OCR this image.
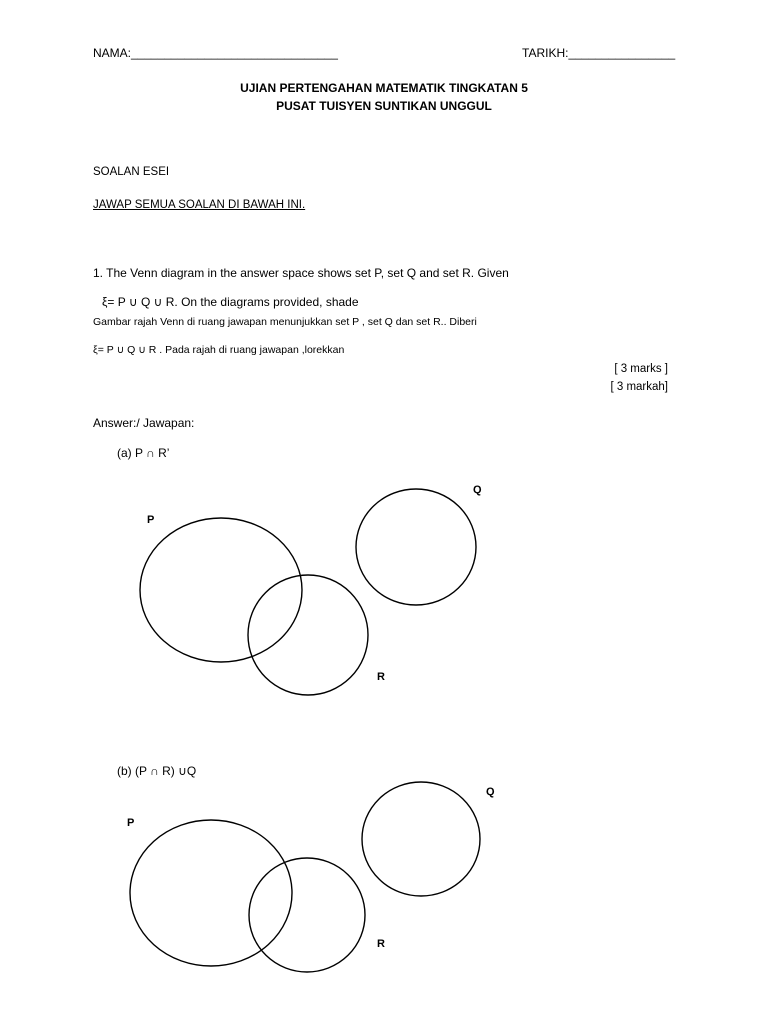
NAMA:_______________________________	TARIKH:________________

UJIAN PERTENGAHAN MATEMATIK TINGKATAN 5

PUSAT TUISYEN SUNTIKAN UNGGUL

SOALAN ESEI

JAWAP SEMUA SOALAN DI BAWAH INI.

1. The Venn diagram in the answer space shows set P, set Q and set R. Given

ξ= P ∪ Q ∪ R. On the diagrams provided, shade

Gambar rajah Venn di ruang jawapan menunjukkan set P , set Q dan set R.. Diberi

ξ= P ∪ Q ∪ R . Pada rajah di ruang jawapan ,lorekkan

[ 3 marks ]

[ 3 markah]

Answer:/ Jawapan:

(a) P ∩ R’

P
Q
R

(b) (P ∩ R) ∪Q

P
Q
R
